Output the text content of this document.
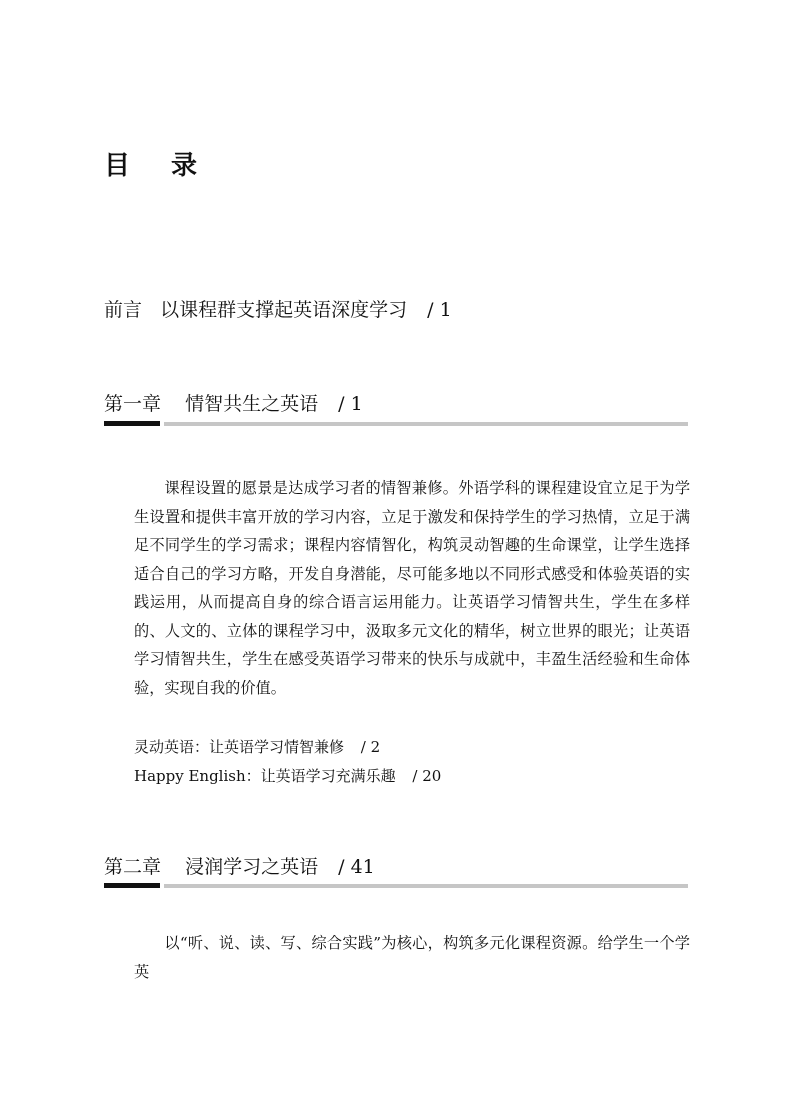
目 录
前言 以课程群支撑起英语深度学习 / 1
第一章 情智共生之英语 / 1

课程设置的愿景是达成学习者的情智兼修。外语学科的课程建设宜立足于为学生设置和提供丰富开放的学习内容，立足于激发和保持学生的学习热情，立足于满足不同学生的学习需求；课程内容情智化，构筑灵动智趣的生命课堂，让学生选择适合自己的学习方略，开发自身潜能，尽可能多地以不同形式感受和体验英语的实践运用，从而提高自身的综合语言运用能力。让英语学习情智共生，学生在多样的、人文的、立体的课程学习中，汲取多元文化的精华，树立世界的眼光；让英语学习情智共生，学生在感受英语学习带来的快乐与成就中，丰盈生活经验和生命体验，实现自我的价值。

灵动英语：让英语学习情智兼修 / 2
Happy English：让英语学习充满乐趣 / 20
第二章 浸润学习之英语 / 41

以“听、说、读、写、综合实践”为核心，构筑多元化课程资源。给学生一个学英
